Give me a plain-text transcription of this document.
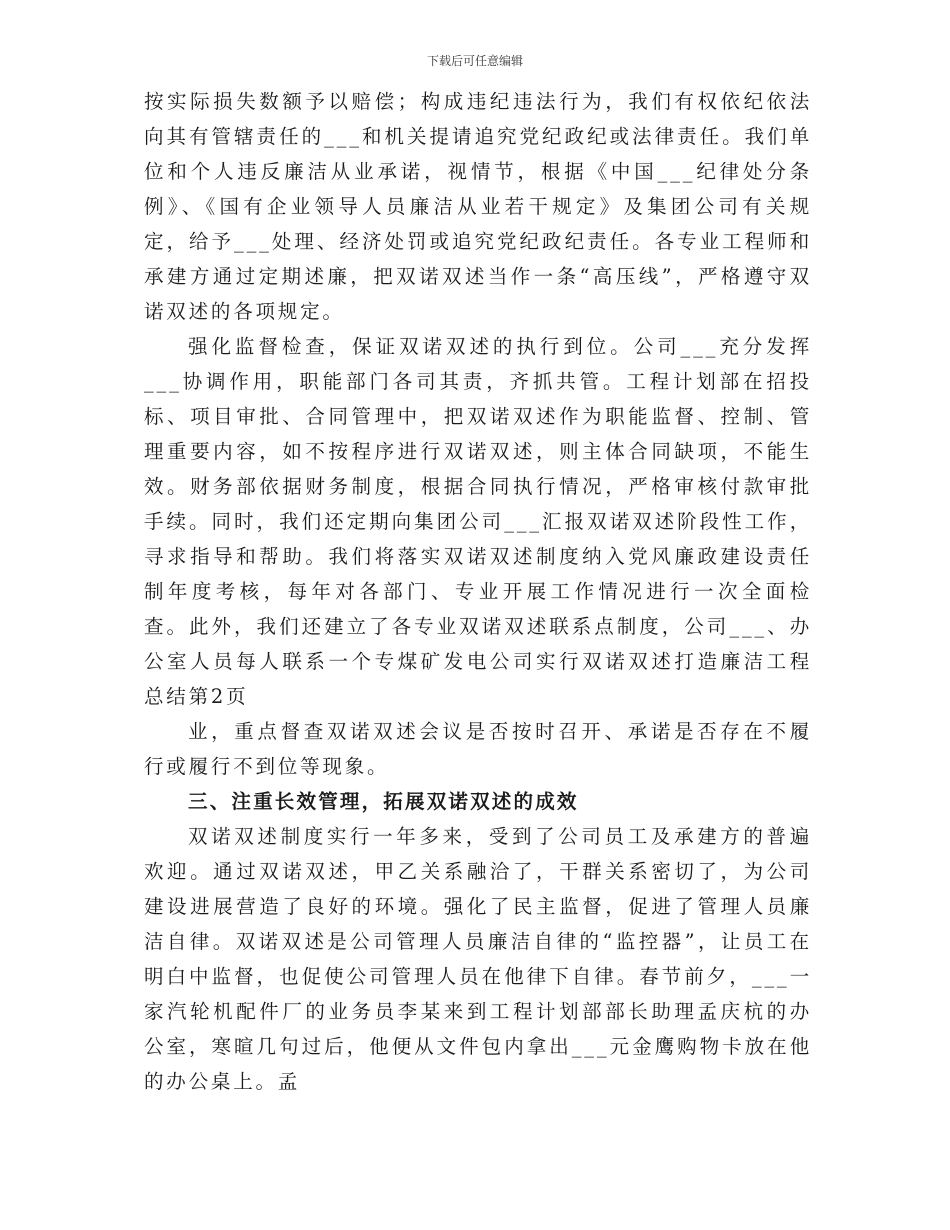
下载后可任意编辑

按实际损失数额予以赔偿；构成违纪违法行为，我们有权依纪依法向其有管辖责任的___和机关提请追究党纪政纪或法律责任。我们单位和个人违反廉洁从业承诺，视情节，根据《中国___纪律处分条例》、《国有企业领导人员廉洁从业若干规定》及集团公司有关规定，给予___处理、经济处罚或追究党纪政纪责任。各专业工程师和承建方通过定期述廉，把双诺双述当作一条“高压线”，严格遵守双诺双述的各项规定。

强化监督检查，保证双诺双述的执行到位。公司___充分发挥___协调作用，职能部门各司其责，齐抓共管。工程计划部在招投标、项目审批、合同管理中，把双诺双述作为职能监督、控制、管理重要内容，如不按程序进行双诺双述，则主体合同缺项，不能生效。财务部依据财务制度，根据合同执行情况，严格审核付款审批手续。同时，我们还定期向集团公司___汇报双诺双述阶段性工作，寻求指导和帮助。我们将落实双诺双述制度纳入党风廉政建设责任制年度考核，每年对各部门、专业开展工作情况进行一次全面检查。此外，我们还建立了各专业双诺双述联系点制度，公司___、办公室人员每人联系一个专煤矿发电公司实行双诺双述打造廉洁工程总结第2页

业，重点督查双诺双述会议是否按时召开、承诺是否存在不履行或履行不到位等现象。

三、注重长效管理，拓展双诺双述的成效

双诺双述制度实行一年多来，受到了公司员工及承建方的普遍欢迎。通过双诺双述，甲乙关系融洽了，干群关系密切了，为公司建设进展营造了良好的环境。强化了民主监督，促进了管理人员廉洁自律。双诺双述是公司管理人员廉洁自律的“监控器”，让员工在明白中监督，也促使公司管理人员在他律下自律。春节前夕，___一家汽轮机配件厂的业务员李某来到工程计划部部长助理孟庆杭的办公室，寒暄几句过后，他便从文件包内拿出___元金鹰购物卡放在他的办公桌上。孟
